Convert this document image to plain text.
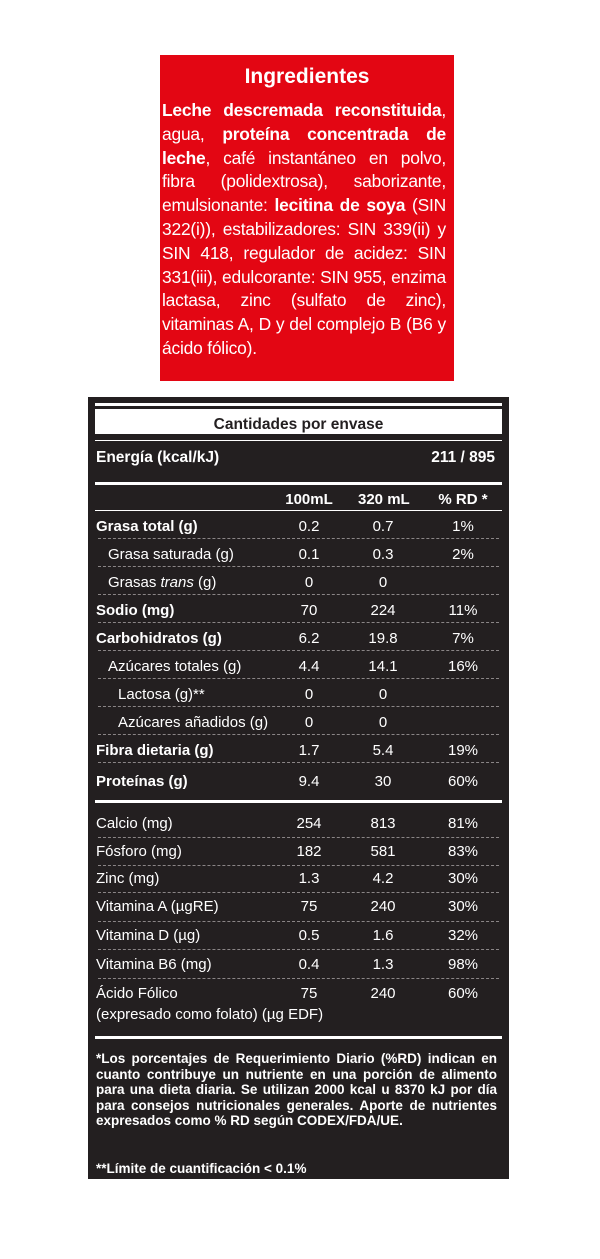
Ingredientes
Leche descremada reconstituida, agua, proteína concentrada de leche, café instantáneo en polvo, fibra (polidextrosa), saborizante, emulsionante: lecitina de soya (SIN 322(i)), estabilizadores: SIN 339(ii) y SIN 418, regulador de acidez: SIN 331(iii), edulcorante: SIN 955, enzima lactasa, zinc (sulfato de zinc), vitaminas A, D y del complejo B (B6 y ácido fólico).
Cantidades por envase
Energía (kcal/kJ)	211 / 895
100mL 320 mL % RD *
Grasa total (g)	0.2	0.7	1%
Grasa saturada (g)	0.1	0.3	2%
Grasas trans (g)	0	0
Sodio (mg)	70	224	11%
Carbohidratos (g)	6.2	19.8	7%
Azúcares totales (g)	4.4	14.1	16%
Lactosa (g)**	0	0
Azúcares añadidos (g)	0	0
Fibra dietaria (g)	1.7	5.4	19%
Proteínas (g)	9.4	30	60%
Calcio (mg)	254	813	81%
Fósforo (mg)	182	581	83%
Zinc (mg)	1.3	4.2	30%
Vitamina A (µgRE)	75	240	30%
Vitamina D (µg)	0.5	1.6	32%
Vitamina B6 (mg)	0.4	1.3	98%
Ácido Fólico
(expresado como folato) (µg EDF)
75	240	60%
*Los porcentajes de Requerimiento Diario (%RD) indican en cuanto contribuye un nutriente en una porción de alimento para una dieta diaria. Se utilizan 2000 kcal u 8370 kJ por día para consejos nutricionales generales. Aporte de nutrientes expresados como % RD según CODEX/FDA/UE.
**Límite de cuantificación < 0.1%
